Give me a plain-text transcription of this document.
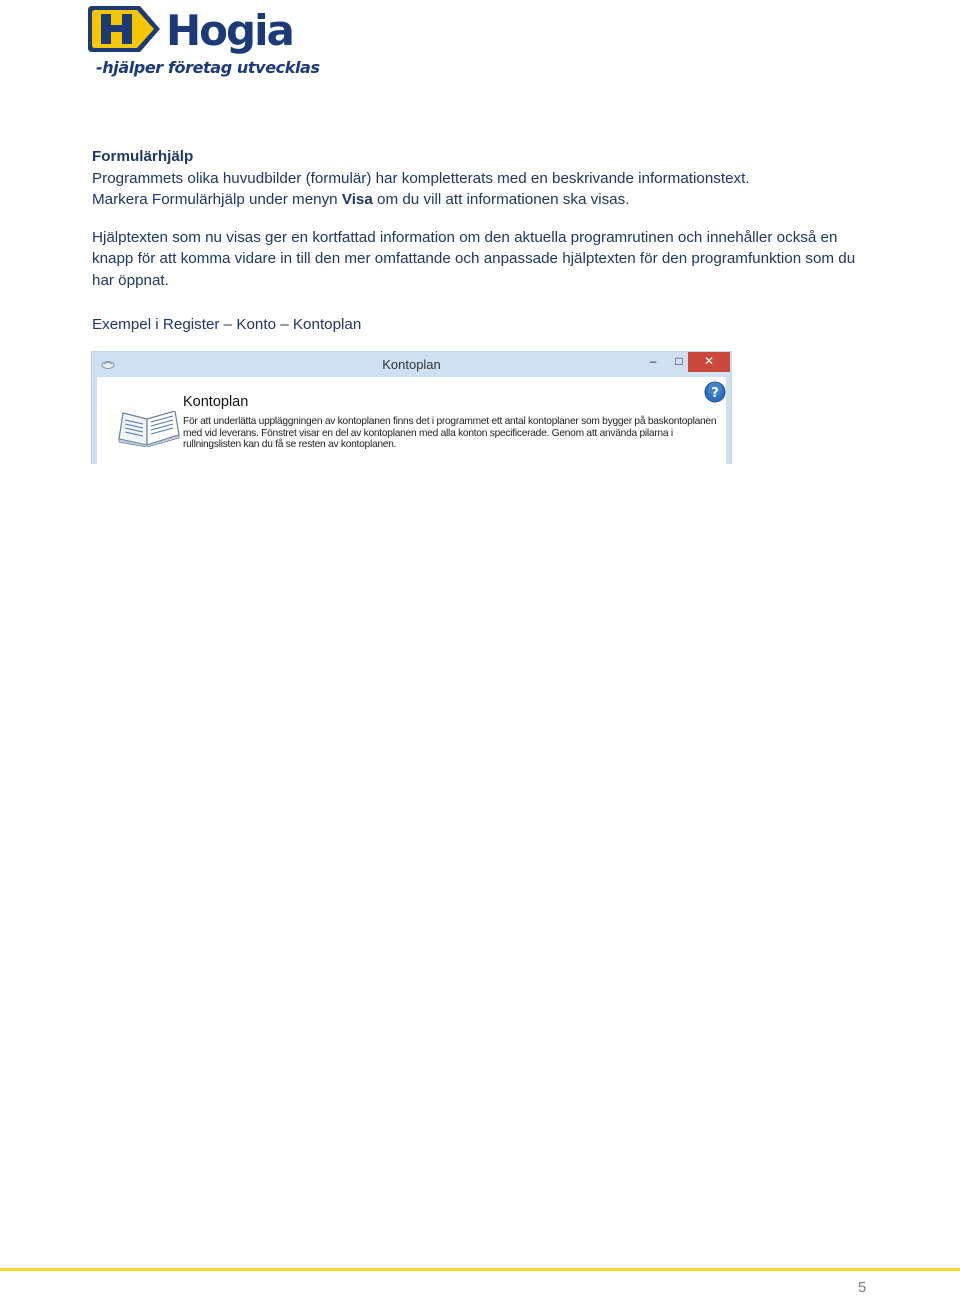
Hogia
-hjälper företag utvecklas

Formulärhjälp

Programmets olika huvudbilder (formulär) har kompletterats med en beskrivande informationstext.

Markera Formulärhjälp under menyn Visa om du vill att informationen ska visas.

Hjälptexten som nu visas ger en kortfattad information om den aktuella programrutinen och innehåller också en knapp för att komma vidare in till den mer omfattande och anpassade hjälptexten för den programfunktion som du har öppnat.

Exempel i Register – Konto – Kontoplan

Kontoplan	–	□	✕
?
Kontoplan
För att underlätta uppläggningen av kontoplanen finns det i programmet ett antal kontoplaner som bygger på baskontoplanen med vid leverans. Fönstret visar en del av kontoplanen med alla konton specificerade. Genom att använda pilarna i rullningslisten kan du få se resten av kontoplanen.
5
